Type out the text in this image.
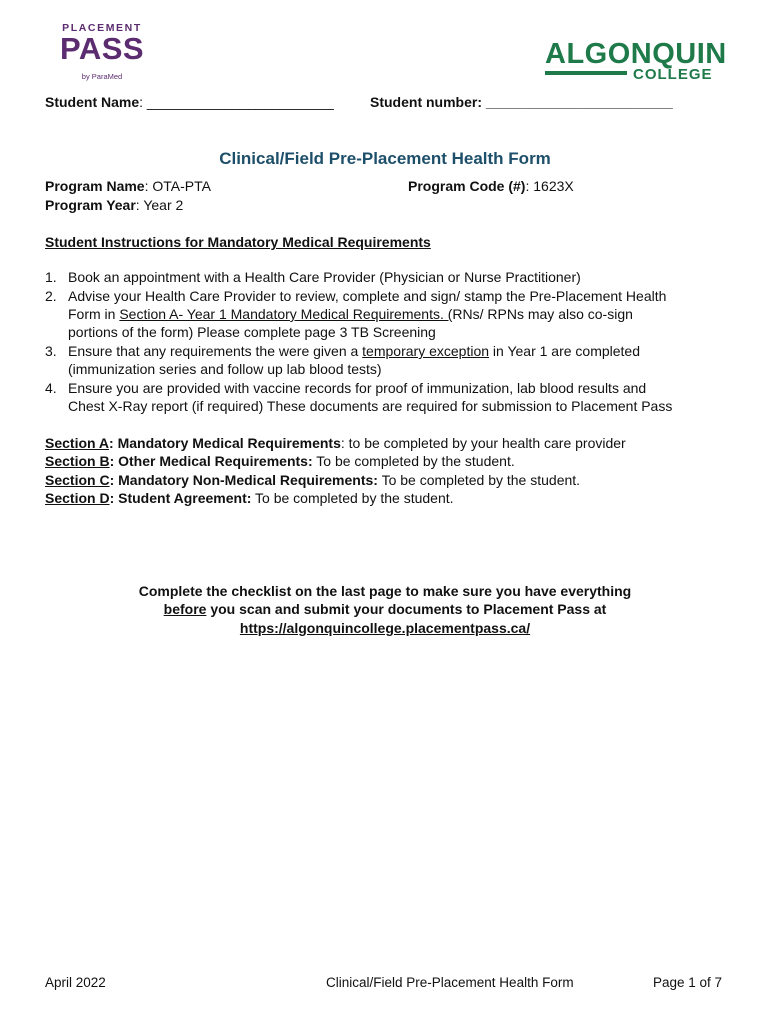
PLACEMENT
PASS
by ParaMed
ALGONQUIN
COLLEGE
Student Name: ________________________	Student number: ________________________
Clinical/Field Pre-Placement Health Form
Program Name: OTA-PTA	Program Code (#): 1623X
Program Year: Year 2
Student Instructions for Mandatory Medical Requirements
1. Book an appointment with a Health Care Provider (Physician or Nurse Practitioner)
2. Advise your Health Care Provider to review, complete and sign/ stamp the Pre-Placement Health
Form in Section A- Year 1 Mandatory Medical Requirements. (RNs/ RPNs may also co-sign
portions of the form) Please complete page 3 TB Screening
3. Ensure that any requirements the were given a temporary exception in Year 1 are completed
(immunization series and follow up lab blood tests)
4. Ensure you are provided with vaccine records for proof of immunization, lab blood results and
Chest X-Ray report (if required) These documents are required for submission to Placement Pass
Section A: Mandatory Medical Requirements: to be completed by your health care provider
Section B: Other Medical Requirements: To be completed by the student.
Section C: Mandatory Non-Medical Requirements: To be completed by the student.
Section D: Student Agreement: To be completed by the student.
Complete the checklist on the last page to make sure you have everything
before you scan and submit your documents to Placement Pass at
https://algonquincollege.placementpass.ca/
April 2022	Clinical/Field Pre-Placement Health Form	Page 1 of 7
